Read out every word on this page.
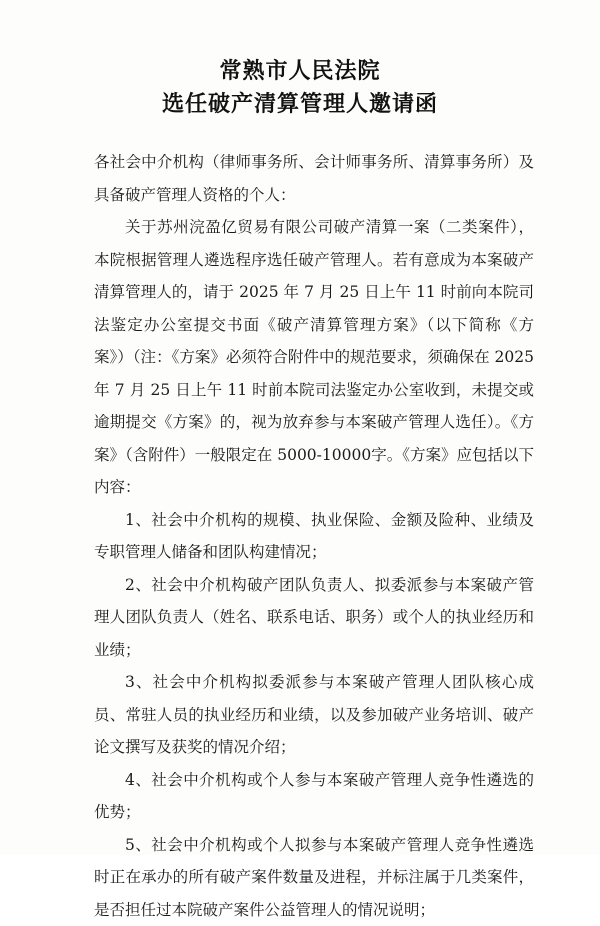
常熟市人民法院
选任破产清算管理人邀请函

各社会中介机构（律师事务所、会计师事务所、清算事务所）及具备破产管理人资格的个人：

关于苏州浣盈亿贸易有限公司破产清算一案（二类案件），本院根据管理人遴选程序选任破产管理人。若有意成为本案破产清算管理人的，请于 2025 年 7 月 25 日上午 11 时前向本院司法鉴定办公室提交书面《破产清算管理方案》（以下简称《方案》）（注：《方案》必须符合附件中的规范要求，须确保在 2025 年 7 月 25 日上午 11 时前本院司法鉴定办公室收到，未提交或逾期提交《方案》的，视为放弃参与本案破产管理人选任）。《方案》（含附件）一般限定在 5000-10000字。《方案》应包括以下内容：

1、社会中介机构的规模、执业保险、金额及险种、业绩及专职管理人储备和团队构建情况；

2、社会中介机构破产团队负责人、拟委派参与本案破产管理人团队负责人（姓名、联系电话、职务）或个人的执业经历和业绩；

3、社会中介机构拟委派参与本案破产管理人团队核心成员、常驻人员的执业经历和业绩，以及参加破产业务培训、破产论文撰写及获奖的情况介绍；

4、社会中介机构或个人参与本案破产管理人竞争性遴选的优势；

5、社会中介机构或个人拟参与本案破产管理人竞争性遴选时正在承办的所有破产案件数量及进程，并标注属于几类案件，是否担任过本院破产案件公益管理人的情况说明；
